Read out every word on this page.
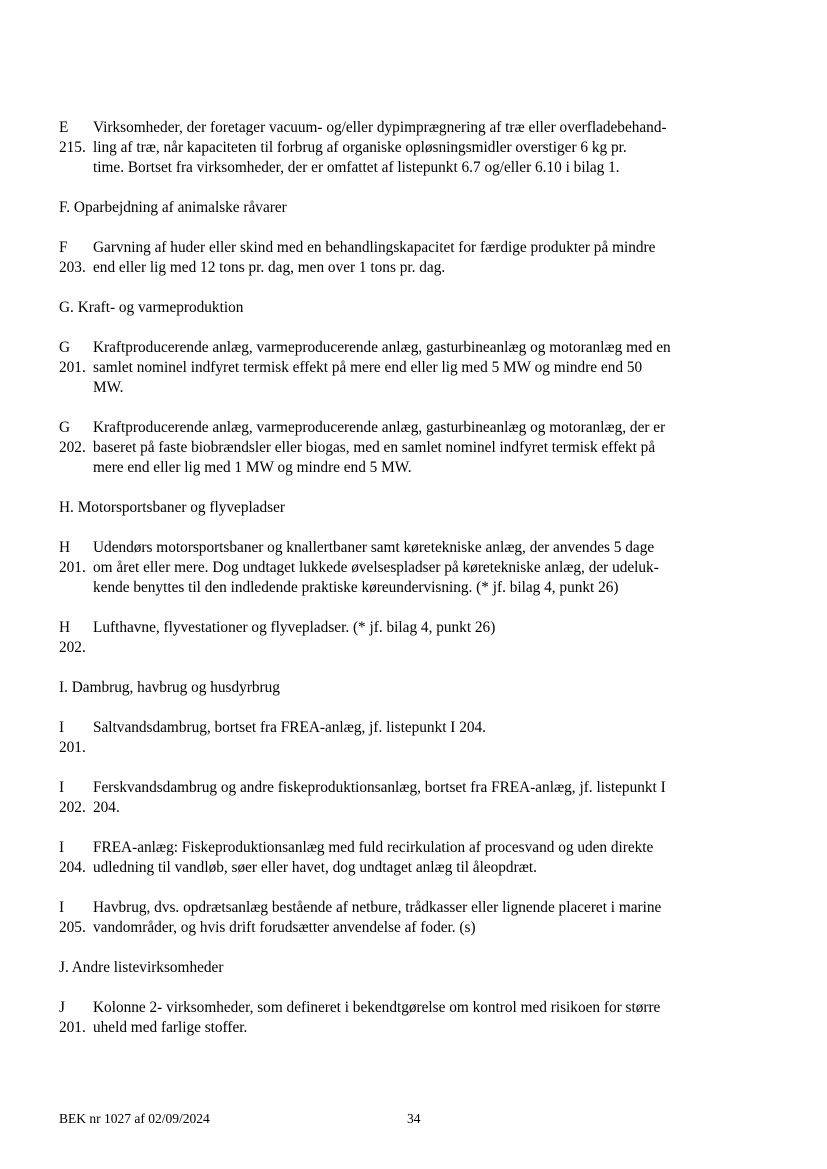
E
215.
Virksomheder, der foretager vacuum- og/eller dypimprægnering af træ eller overfladebehand-
ling af træ, når kapaciteten til forbrug af organiske opløsningsmidler overstiger 6 kg pr.
time. Bortset fra virksomheder, der er omfattet af listepunkt 6.7 og/eller 6.10 i bilag 1.
F. Oparbejdning af animalske råvarer
F
203.
Garvning af huder eller skind med en behandlingskapacitet for færdige produkter på mindre
end eller lig med 12 tons pr. dag, men over 1 tons pr. dag.
G. Kraft- og varmeproduktion
G
201.
Kraftproducerende anlæg, varmeproducerende anlæg, gasturbineanlæg og motoranlæg med en
samlet nominel indfyret termisk effekt på mere end eller lig med 5 MW og mindre end 50
MW.
G
202.
Kraftproducerende anlæg, varmeproducerende anlæg, gasturbineanlæg og motoranlæg, der er
baseret på faste biobrændsler eller biogas, med en samlet nominel indfyret termisk effekt på
mere end eller lig med 1 MW og mindre end 5 MW.
H. Motorsportsbaner og flyvepladser
H
201.
Udendørs motorsportsbaner og knallertbaner samt køretekniske anlæg, der anvendes 5 dage
om året eller mere. Dog undtaget lukkede øvelsespladser på køretekniske anlæg, der udeluk-
kende benyttes til den indledende praktiske køreundervisning. (* jf. bilag 4, punkt 26)
H
202.
Lufthavne, flyvestationer og flyvepladser. (* jf. bilag 4, punkt 26)
I. Dambrug, havbrug og husdyrbrug
I
201.
Saltvandsdambrug, bortset fra FREA-anlæg, jf. listepunkt I 204.
I
202.
Ferskvandsdambrug og andre fiskeproduktionsanlæg, bortset fra FREA-anlæg, jf. listepunkt I
204.
I
204.
FREA-anlæg: Fiskeproduktionsanlæg med fuld recirkulation af procesvand og uden direkte
udledning til vandløb, søer eller havet, dog undtaget anlæg til åleopdræt.
I
205.
Havbrug, dvs. opdrætsanlæg bestående af netbure, trådkasser eller lignende placeret i marine
vandområder, og hvis drift forudsætter anvendelse af foder. (s)
J. Andre listevirksomheder
J
201.
Kolonne 2- virksomheder, som defineret i bekendtgørelse om kontrol med risikoen for større
uheld med farlige stoffer.
BEK nr 1027 af 02/09/2024	34
